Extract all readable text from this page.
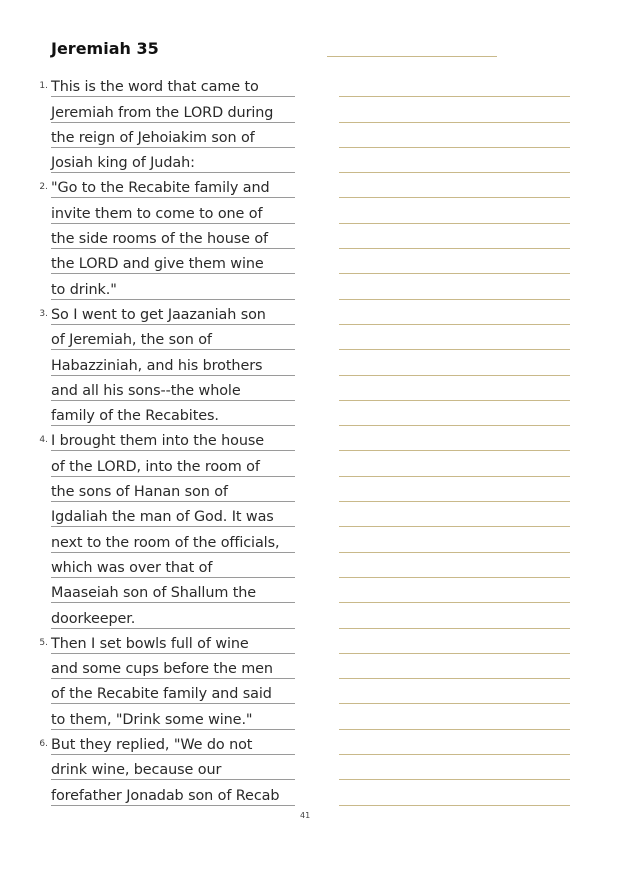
Jeremiah 35
1. This is the word that came to
Jeremiah from the LORD during
the reign of Jehoiakim son of
Josiah king of Judah:
2. "Go to the Recabite family and
invite them to come to one of
the side rooms of the house of
the LORD and give them wine
to drink."
3. So I went to get Jaazaniah son
of Jeremiah, the son of
Habazziniah, and his brothers
and all his sons--the whole
family of the Recabites.
4. I brought them into the house
of the LORD, into the room of
the sons of Hanan son of
Igdaliah the man of God. It was
next to the room of the officials,
which was over that of
Maaseiah son of Shallum the
doorkeeper.
5. Then I set bowls full of wine
and some cups before the men
of the Recabite family and said
to them, "Drink some wine."
6. But they replied, "We do not
drink wine, because our
forefather Jonadab son of Recab
41
